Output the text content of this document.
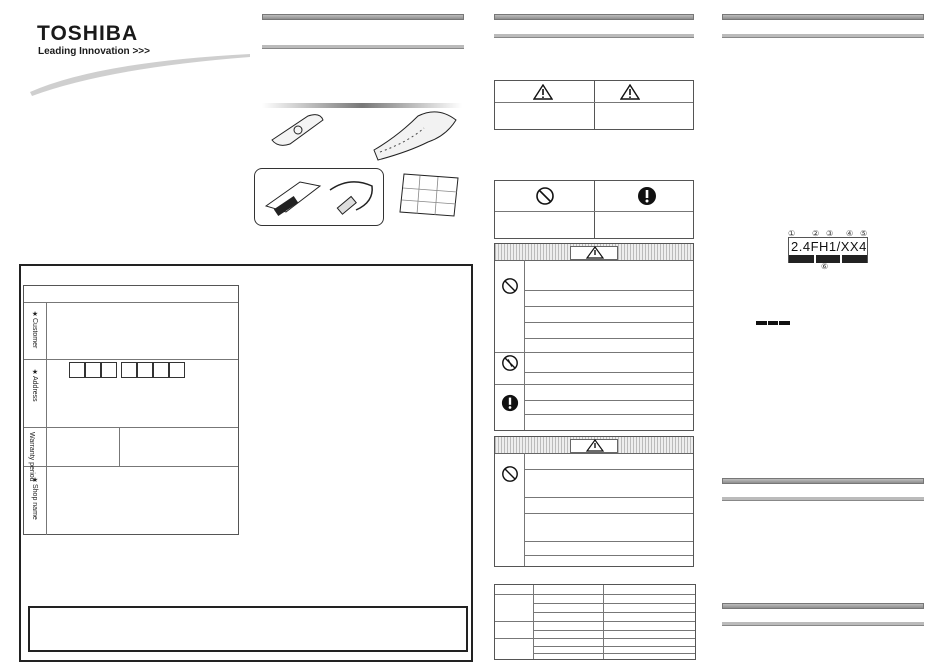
TOSHIBA
Leading Innovation >>>
★Customer
★Address
Warranty period
★Shop name
① ② ③ ④ ⑤
2.4FH1/XX4
⑥
